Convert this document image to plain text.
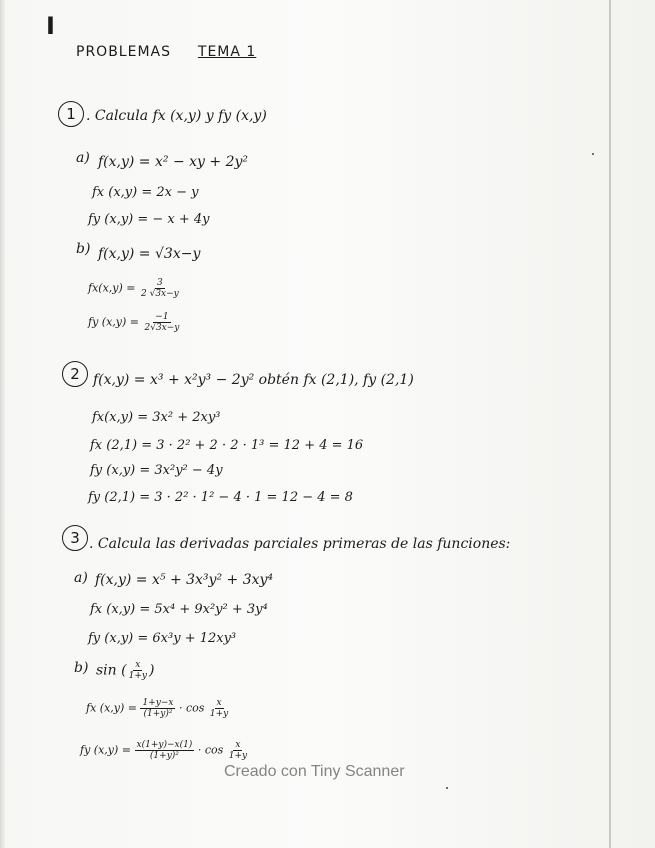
I
PROBLEMAS TEMA 1
1 . Calcula fx (x,y) y fy (x,y)
a) f(x,y) = x² − xy + 2y²
fx (x,y) = 2x − y
fy (x,y) = − x + 4y
b) f(x,y) = √3x−y
$fx(x,y) = \frac{3}{2 √3x-y}$
fy $(x,y) = \frac{-1}{2√3x-y}$
2 f(x,y) = x³ + x²y³ − 2y² obtén fx (2,1), fy (2,1)
fx(x,y) = 3x² + 2xy³
fx (2,1) = 3 · 2² + 2 · 2 · 1³ = 12 + 4 = 16
fy (x,y) = 3x²y² − 4y
fy (2,1) = 3 · 2² · 1² − 4 · 1 = 12 − 4 = 8
3 . Calcula las derivadas parciales primeras de las funciones:
a) f(x,y) = x⁵ + 3x³y² + 3xy⁴
fx (x,y) = 5x⁴ + 9x²y² + 3y⁴
fy (x,y) = 6x³y + 12xy³
b) sin ( $\frac{x}{1+y}$ )
fx $(x,y) = \frac{1+y-x}{\text{(1+y)²}} \cdot \cos \frac{x}{1+y}$
fy $(x,y) = \frac{x(1+y)-x(1)}{\text{(1+y)²}} \cdot \cos \frac{x}{1+y}$
Creado con Tiny Scanner
